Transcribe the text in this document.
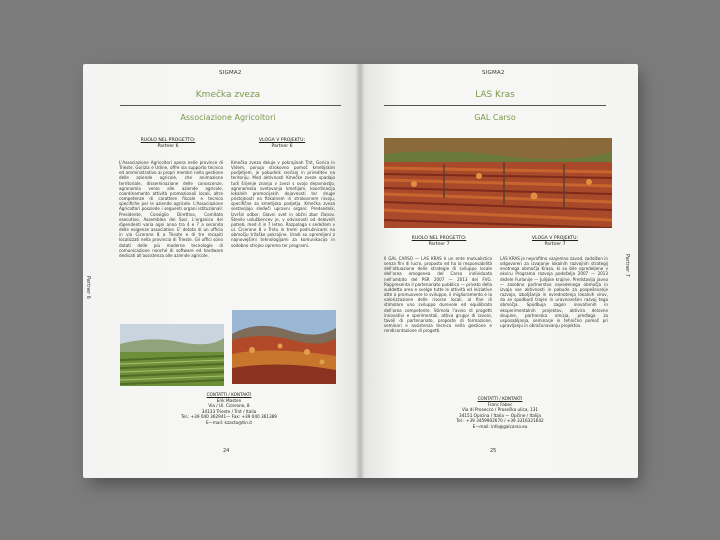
SIGMA2
Kmečka zveza
Associazione Agricoltori
Partner 6
RUOLO NEL PROGETTO:
Partner 6
VLOGA V PROJEKTU:
Partner 6
L'Associazione Agricoltori opera nelle province di Trieste, Gorizia e Udine, offre sia supporto tecnico ed amministrativo ai propri membri nella gestione delle aziende agricole, che animazione territoriale, disseminazione delle conoscenze, agronomia verso alle aziende agricole, coordinamento attività promozionali locali, altre competenze di carattere fiscale e tecnico specifiche per le aziende agricole. L'Associazione Agricoltori possiede i seguenti organi istituzionali: Presidente, Consiglio Direttivo, Comitato esecutivo, Assemblea dei Soci. L'organico dei dipendenti varia ogni anno tra 4 e 7 a seconda delle esigenze associative. E' dotata di un ufficio in via Cicerone 8 a Trieste e di tre recapiti localizzati nella provincia di Trieste. Gli uffici sono dotati delle più moderne tecnologie di comunicazione nonché di software ed hardware dedicati all'assistenza alle aziende agricole.
Kmečka zveza deluje v pokrajinah Trst, Gorica in Videm, ponuja strokovno pomoč kmetijskim podjetjem, je pobudnik srečanj in prireditev na teritoriju. Med aktivnosti Kmečke zveze spadajo tudi širjenje znanja v zvezi s svojo dejavnostjo, agronomska svetovanja kmetijam, koordinacija lokalnih promocijskih dejavnosti ter druge pristojnosti na fiskalnem in strokovnem nivoju, specifične za kmetijska podjetja. Kmečka zveza sestavljajo sledeči upravni organi: Predsednik, Izvršni odbor, Glavni svet in občni zbor članov. Število uslužbencev je, v odvisnosti od delovnih potreb, med 4 in 7 letno. Razpolaga s sedežem v ul. Cicerone 8 v Trstu in tremi podružnicami na območju tržaške pokrajine. Uradi so opremljeni z najnovejšimi tehnologijami za komunikacijo in sodobno strojno opremo ter programi.
CONTATTI / KONTAKTI
Erik Masten
Via / Ul. Cicerone, 8
34133 Trieste / Trst / Italia
Tel.: +39 040 362941— Fax: +39 040 361389
E—mail: kzacto@tin.it
24
SIGMA2
LAS Kras
GAL Carso
Partner 7
RUOLO NEL PROGETTO:
Partner 7
VLOGA V PROJEKTU:
Partner 7
Il GAL CARSO — LAS KRAS è un ente mutualistico senza fini di lucro, proposto ed ha la responsabilità dell'attuazione delle strategie di sviluppo locale dell'area omogenea del Carso individuata nell'ambito del PSR 2007 — 2013 del FVG. Rappresenta il partenariato pubblico — privato della suddetta area e svolge tutte le attività ed iniziative atte a promuovere lo sviluppo, il miglioramento e la valorizzazione delle risorse locali, al fine di stimolare uno sviluppo durevole ed equilibrato dell'area competente. Stimola l'avvio di progetti innovativi e sperimentali, attiva gruppi di lavoro, tavoli di partenariato, proposte di formazione, seminari e assistenza tecnica nella gestione e rendicontazione di progetti.
LAS KRAS je neprofitno vzajemno zavod, zadolžen in odgovoren za izvajanje lokalnih razvojnih strategij enotnega območja Krasa, ki so bile opredeljene v okviru Programa razvoja podeželja 2007 — 2013 dežele Furlanije — Julijske krajine. Predstavlja javno — zasebno partnerstvo navedenega območja in izvaja vse aktivnosti in pobude za pospeševanje razvoja, izboljšanja in ovrednotenja lokalnih virov, da se spodbudi trajen in uravnovešen razvoj tega območja. Spodbuja zagon inovativnih in eksperimentalnih projektov, aktivira delovne skupine, partnerska omizja, predlaga za usposabljanja, seminarje in tehnično pomoč pri upravljanju in obračunavanju projektov.
CONTATTI / KONTAKTI
Franc Fabec
Via di Prosecco / Prosečka ulica, 131
34151 Opicina / Italia — Opčine / Italija
Tel.: +39 3459902670 / +39 3316321642
E—mail: info@galcarso.eu
25
